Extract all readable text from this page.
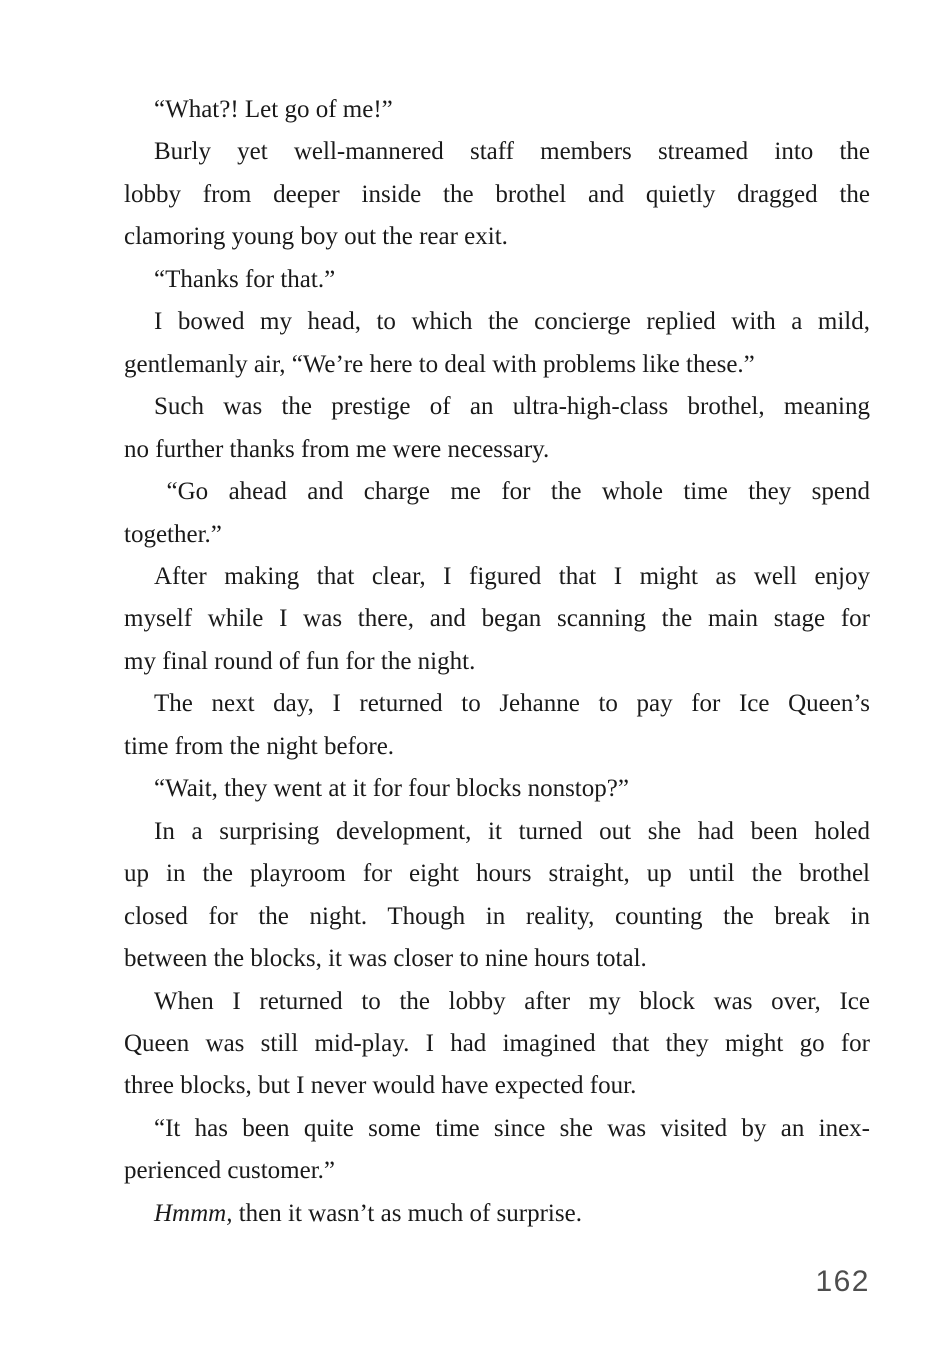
“What?! Let go of me!”
Burly yet well-mannered staff members streamed into the
lobby from deeper inside the brothel and quietly dragged the
clamoring young boy out the rear exit.
“Thanks for that.”
I bowed my head, to which the concierge replied with a mild,
gentlemanly air, “We’re here to deal with problems like these.”
Such was the prestige of an ultra-high-class brothel, meaning
no further thanks from me were necessary.
 “Go ahead and charge me for the whole time they spend
together.”
After making that clear, I figured that I might as well enjoy
myself while I was there, and began scanning the main stage for
my final round of fun for the night.
The next day, I returned to Jehanne to pay for Ice Queen’s
time from the night before.
“Wait, they went at it for four blocks nonstop?”
In a surprising development, it turned out she had been holed
up in the playroom for eight hours straight, up until the brothel
closed for the night. Though in reality, counting the break in
between the blocks, it was closer to nine hours total.
When I returned to the lobby after my block was over, Ice
Queen was still mid-play. I had imagined that they might go for
three blocks, but I never would have expected four.
“It has been quite some time since she was visited by an inex-
perienced customer.”
Hmmm, then it wasn’t as much of surprise.
162
